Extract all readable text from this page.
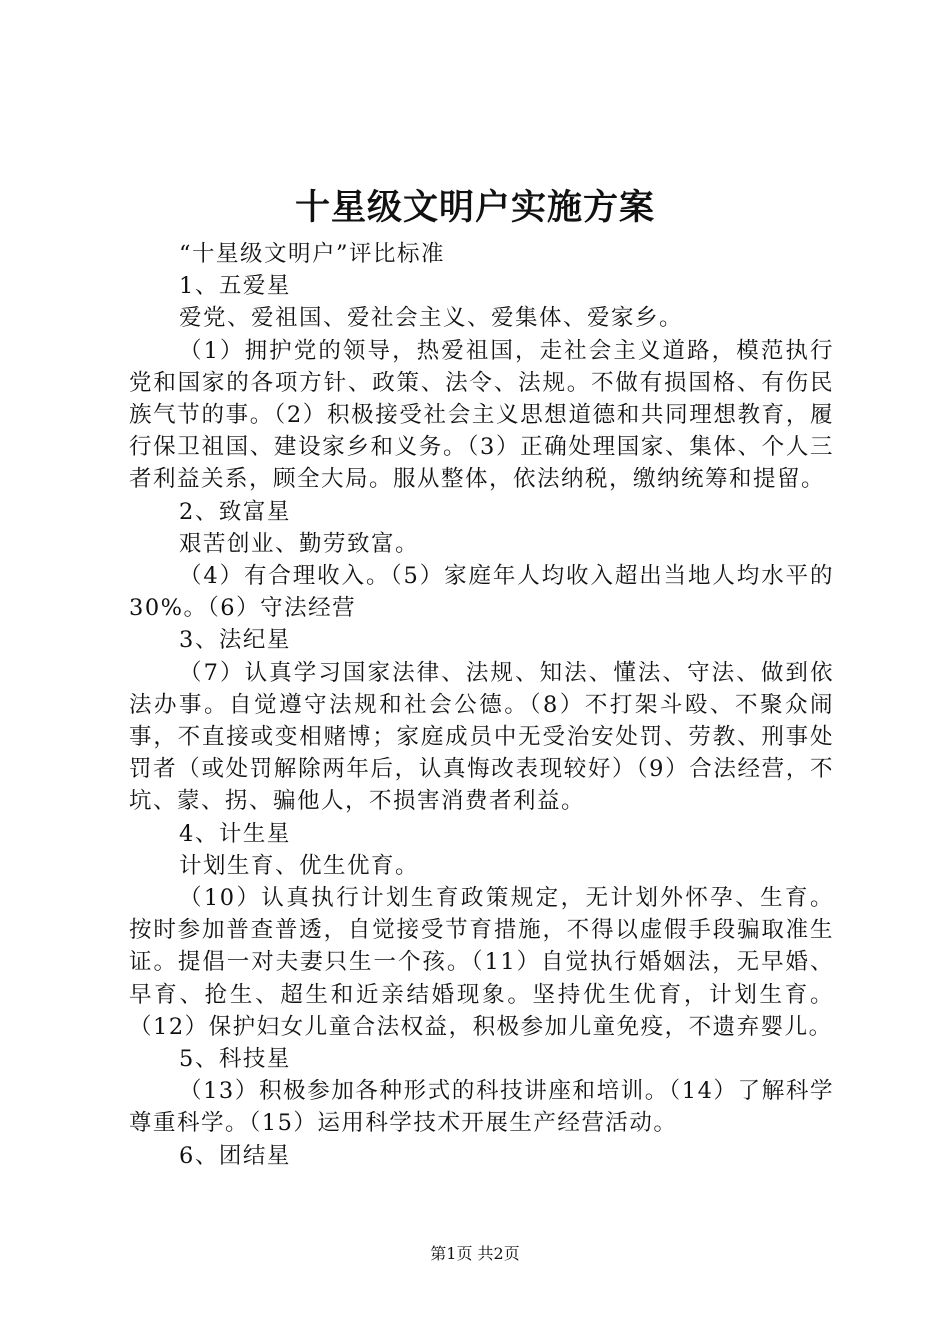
十星级文明户实施方案

“十星级文明户”评比标准

1、五爱星

爱党、爱祖国、爱社会主义、爱集体、爱家乡。

（1）拥护党的领导，热爱祖国，走社会主义道路，模范执行党和国家的各项方针、政策、法令、法规。不做有损国格、有伤民族气节的事。（2）积极接受社会主义思想道德和共同理想教育，履行保卫祖国、建设家乡和义务。（3）正确处理国家、集体、个人三者利益关系，顾全大局。服从整体，依法纳税，缴纳统筹和提留。

2、致富星

艰苦创业、勤劳致富。

（4）有合理收入。（5）家庭年人均收入超出当地人均水平的30%。（6）守法经营

3、法纪星

（7）认真学习国家法律、法规、知法、懂法、守法、做到依法办事。自觉遵守法规和社会公德。（8）不打架斗殴、不聚众闹事，不直接或变相赌博；家庭成员中无受治安处罚、劳教、刑事处罚者（或处罚解除两年后，认真悔改表现较好）（9）合法经营，不坑、蒙、拐、骗他人，不损害消费者利益。

4、计生星

计划生育、优生优育。

（10）认真执行计划生育政策规定，无计划外怀孕、生育。按时参加普查普透，自觉接受节育措施，不得以虚假手段骗取准生证。提倡一对夫妻只生一个孩。（11）自觉执行婚姻法，无早婚、早育、抢生、超生和近亲结婚现象。坚持优生优育，计划生育。（12）保护妇女儿童合法权益，积极参加儿童免疫，不遗弃婴儿。

5、科技星

（13）积极参加各种形式的科技讲座和培训。（14）了解科学尊重科学。（15）运用科学技术开展生产经营活动。

6、团结星

第1页 共2页
